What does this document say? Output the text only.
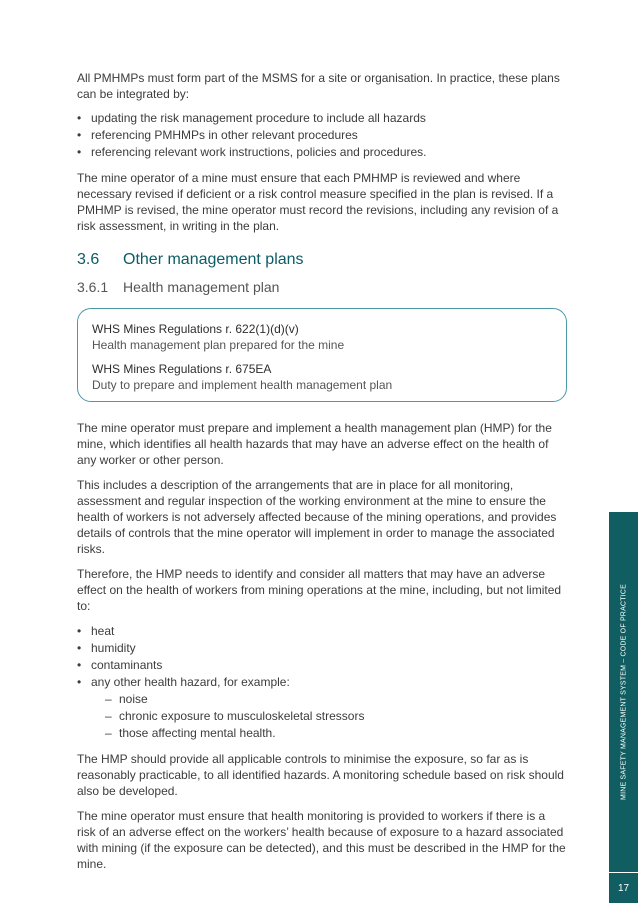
All PMHMPs must form part of the MSMS for a site or organisation. In practice, these plans can be integrated by:

• updating the risk management procedure to include all hazards
• referencing PMHMPs in other relevant procedures
• referencing relevant work instructions, policies and procedures.

The mine operator of a mine must ensure that each PMHMP is reviewed and where necessary revised if deficient or a risk control measure specified in the plan is revised. If a PMHMP is revised, the mine operator must record the revisions, including any revision of a risk assessment, in writing in the plan.

3.6	Other management plans
3.6.1	Health management plan
WHS Mines Regulations r. 622(1)(d)(v)
Health management plan prepared for the mine
WHS Mines Regulations r. 675EA
Duty to prepare and implement health management plan

The mine operator must prepare and implement a health management plan (HMP) for the mine, which identifies all health hazards that may have an adverse effect on the health of any worker or other person.

This includes a description of the arrangements that are in place for all monitoring, assessment and regular inspection of the working environment at the mine to ensure the health of workers is not adversely affected because of the mining operations, and provides details of controls that the mine operator will implement in order to manage the associated risks.

Therefore, the HMP needs to identify and consider all matters that may have an adverse effect on the health of workers from mining operations at the mine, including, but not limited to:

• heat
• humidity
• contaminants
• any other health hazard, for example:
– noise
– chronic exposure to musculoskeletal stressors
– those affecting mental health.

The HMP should provide all applicable controls to minimise the exposure, so far as is reasonably practicable, to all identified hazards. A monitoring schedule based on risk should also be developed.

The mine operator must ensure that health monitoring is provided to workers if there is a risk of an adverse effect on the workers’ health because of exposure to a hazard associated with mining (if the exposure can be detected), and this must be described in the HMP for the mine.

MINE SAFETY MANAGEMENT SYSTEM – CODE OF PRACTICE
17
